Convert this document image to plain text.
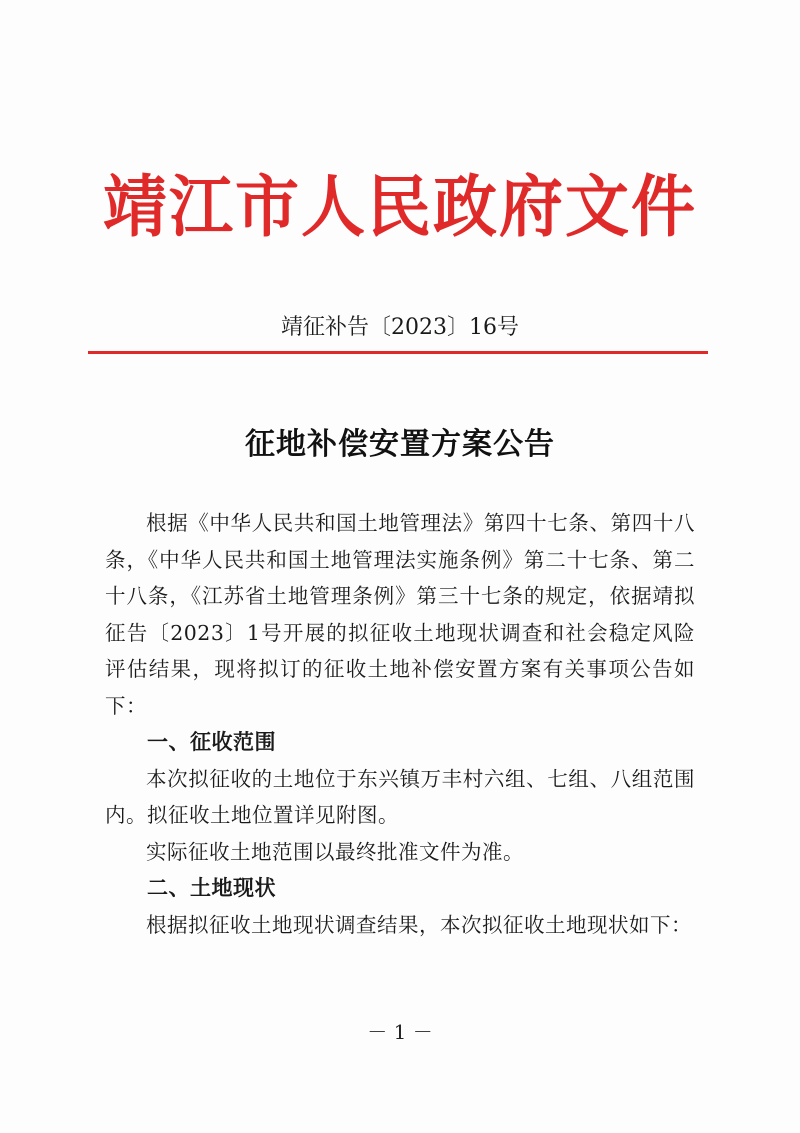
靖江市人民政府文件
靖征补告〔2023〕16号
征地补偿安置方案公告

根据《中华人民共和国土地管理法》第四十七条、第四十八条，《中华人民共和国土地管理法实施条例》第二十七条、第二十八条，《江苏省土地管理条例》第三十七条的规定，依据靖拟征告〔2023〕1号开展的拟征收土地现状调查和社会稳定风险评估结果，现将拟订的征收土地补偿安置方案有关事项公告如下：

一、征收范围

本次拟征收的土地位于东兴镇万丰村六组、七组、八组范围内。拟征收土地位置详见附图。

实际征收土地范围以最终批准文件为准。

二、土地现状

根据拟征收土地现状调查结果，本次拟征收土地现状如下：

－ 1 －
